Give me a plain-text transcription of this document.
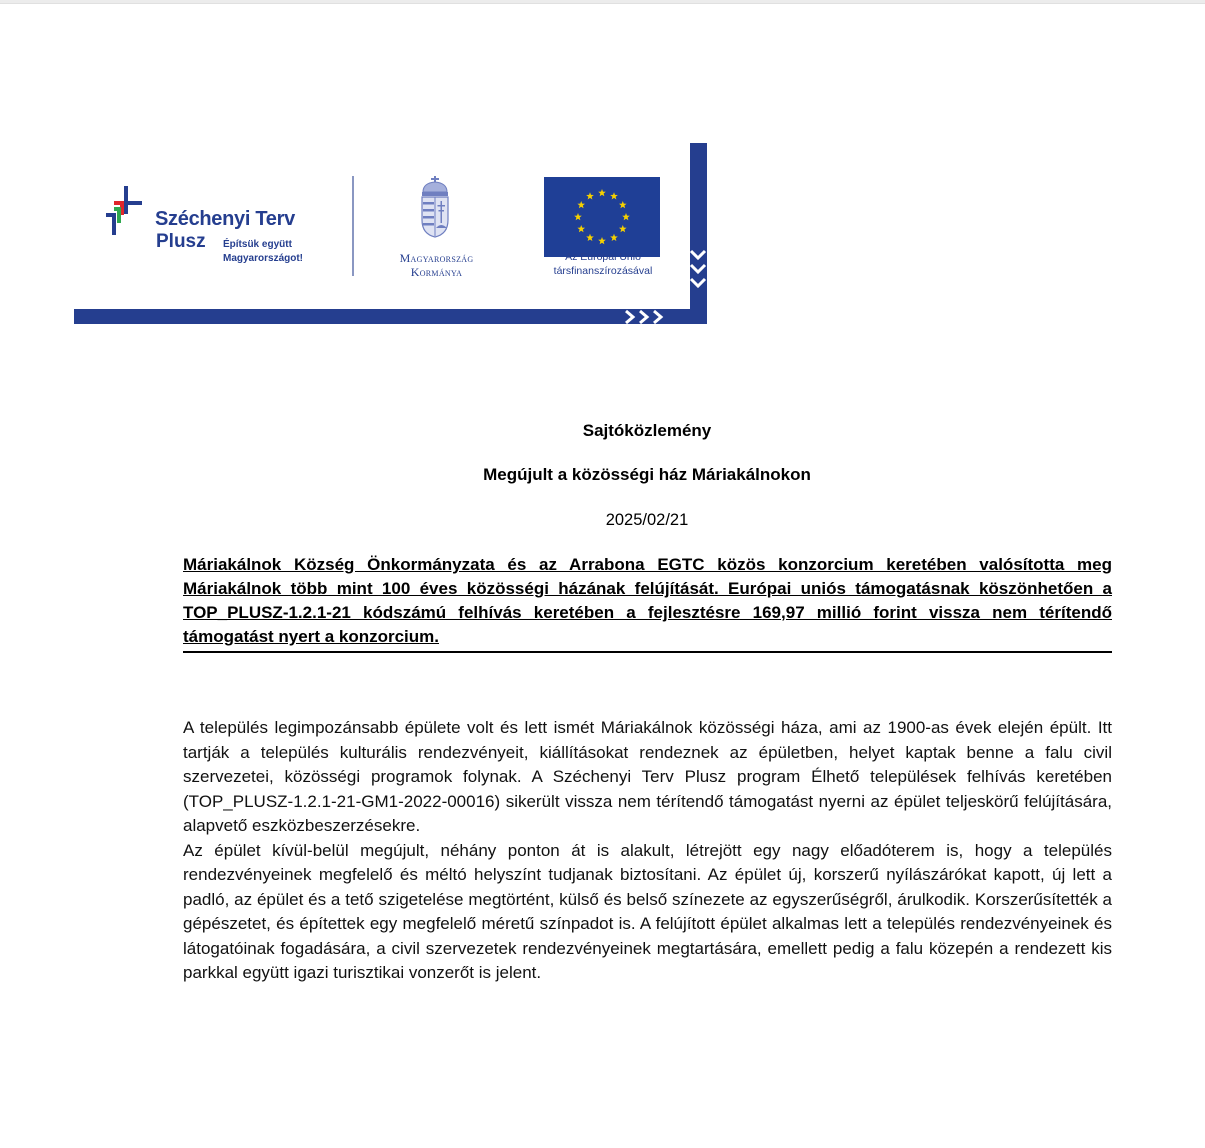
Széchenyi Terv
Plusz Építsük együtt
Magyarországot!	Magyarország
Kormánya
Az Európai Unió
társfinanszírozásával
Sajtóközlemény
Megújult a közösségi ház Máriakálnokon
2025/02/21
Máriakálnok Község Önkormányzata és az Arrabona EGTC közös konzorcium keretében valósította meg Máriakálnok több mint 100 éves közösségi házának felújítását. Európai uniós támogatásnak köszönhetően a TOP_PLUSZ-1.2.1-21 kódszámú felhívás keretében a fejlesztésre 169,97 millió forint vissza nem térítendő támogatást nyert a konzorcium.

A település legimpozánsabb épülete volt és lett ismét Máriakálnok közösségi háza, ami az 1900-as évek elején épült. Itt tartják a település kulturális rendezvényeit, kiállításokat rendeznek az épületben, helyet kaptak benne a falu civil szervezetei, közösségi programok folynak. A Széchenyi Terv Plusz program Élhető települések felhívás keretében (TOP_PLUSZ-1.2.1-21-GM1-2022-00016) sikerült vissza nem térítendő támogatást nyerni az épület teljeskörű felújítására, alapvető eszközbeszerzésekre.

Az épület kívül-belül megújult, néhány ponton át is alakult, létrejött egy nagy előadóterem is, hogy a település rendezvényeinek megfelelő és méltó helyszínt tudjanak biztosítani. Az épület új, korszerű nyílászárókat kapott, új lett a padló, az épület és a tető szigetelése megtörtént, külső és belső színezete az egyszerűségről, árulkodik. Korszerűsítették a gépészetet, és építettek egy megfelelő méretű színpadot is. A felújított épület alkalmas lett a település rendezvényeinek és látogatóinak fogadására, a civil szervezetek rendezvényeinek megtartására, emellett pedig a falu közepén a rendezett kis parkkal együtt igazi turisztikai vonzerőt is jelent.
